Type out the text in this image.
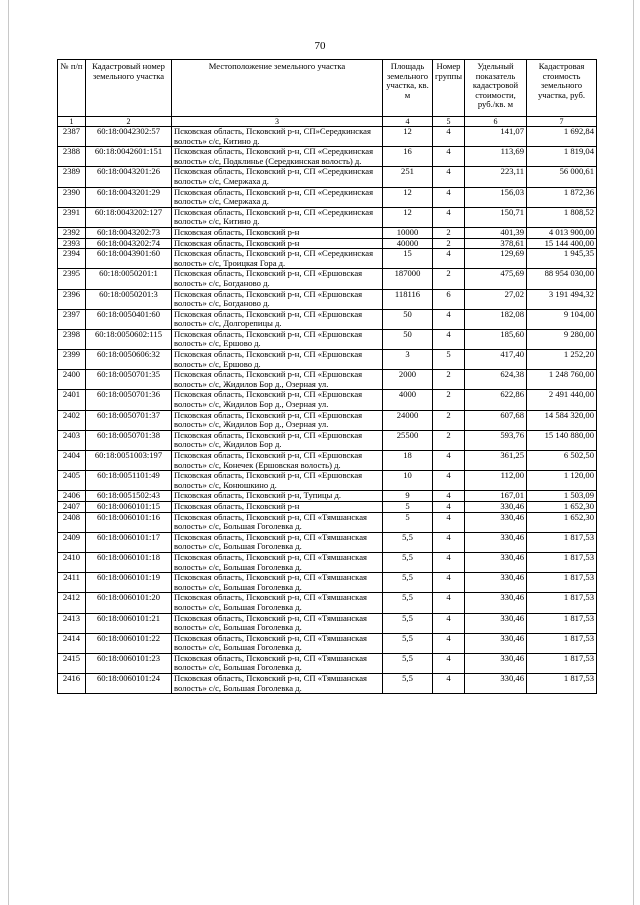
70
№ п/п	Кадастровый номер земельного участка	Местоположение земельного участка	Площадь земельного участка, кв. м	Номер группы	Удельный показатель кадастровой стоимости, руб./кв. м	Кадастровая стоимость земельного участка, руб.
1	2	3	4	5	6	7
2387	60:18:0042302:57	Псковская область, Псковский р-н, СП»Середкинская волость» с/с, Китино д.	12	4	141,07	1 692,84
2388	60:18:0042601:151	Псковская область, Псковский р-н, СП «Середкинская волость» с/с, Подклинье (Середкинская волость) д.	16	4	113,69	1 819,04
2389	60:18:0043201:26	Псковская область, Псковский р-н, СП «Середкинская волость» с/с, Смержаха д.	251	4	223,11	56 000,61
2390	60:18:0043201:29	Псковская область, Псковский р-н, СП «Середкинская волость» с/с, Смержаха д.	12	4	156,03	1 872,36
2391	60:18:0043202:127	Псковская область, Псковский р-н, СП «Середкинская волость» с/с, Китино д.	12	4	150,71	1 808,52
2392	60:18:0043202:73	Псковская область, Псковский р-н	10000	2	401,39	4 013 900,00
2393	60:18:0043202:74	Псковская область, Псковский р-н	40000	2	378,61	15 144 400,00
2394	60:18:0043901:60	Псковская область, Псковский р-н, СП «Середкинская волость» с/с, Троицкая Гора д.	15	4	129,69	1 945,35
2395	60:18:0050201:1	Псковская область, Псковский р-н, СП «Ершовская волость» с/с, Богданово д.	187000	2	475,69	88 954 030,00
2396	60:18:0050201:3	Псковская область, Псковский р-н, СП «Ершовская волость» с/с, Богданово д.	118116	6	27,02	3 191 494,32
2397	60:18:0050401:60	Псковская область, Псковский р-н, СП «Ершовская волость» с/с, Долгорепицы д.	50	4	182,08	9 104,00
2398	60:18:0050602:115	Псковская область, Псковский р-н, СП «Ершовская волость» с/с, Ершово д.	50	4	185,60	9 280,00
2399	60:18:0050606:32	Псковская область, Псковский р-н, СП «Ершовская волость» с/с, Ершово д.	3	5	417,40	1 252,20
2400	60:18:0050701:35	Псковская область, Псковский р-н, СП «Ершовская волость» с/с, Жидилов Бор д., Озерная ул.	2000	2	624,38	1 248 760,00
2401	60:18:0050701:36	Псковская область, Псковский р-н, СП «Ершовская волость» с/с, Жидилов Бор д., Озерная ул.	4000	2	622,86	2 491 440,00
2402	60:18:0050701:37	Псковская область, Псковский р-н, СП «Ершовская волость» с/с, Жидилов Бор д., Озерная ул.	24000	2	607,68	14 584 320,00
2403	60:18:0050701:38	Псковская область, Псковский р-н, СП «Ершовская волость» с/с, Жидилов Бор д.	25500	2	593,76	15 140 880,00
2404	60:18:0051003:197	Псковская область, Псковский р-н, СП «Ершовская волость» с/с, Конечек (Ершовская волость) д.	18	4	361,25	6 502,50
2405	60:18:0051101:49	Псковская область, Псковский р-н, СП «Ершовская волость» с/с, Конюшкино д.	10	4	112,00	1 120,00
2406	60:18:0051502:43	Псковская область, Псковский р-н, Тупицы д.	9	4	167,01	1 503,09
2407	60:18:0060101:15	Псковская область, Псковский р-н	5	4	330,46	1 652,30
2408	60:18:0060101:16	Псковская область, Псковский р-н, СП «Тямшанская волость» с/с, Большая Гоголевка д.	5	4	330,46	1 652,30
2409	60:18:0060101:17	Псковская область, Псковский р-н, СП «Тямшанская волость» с/с, Большая Гоголевка д.	5,5	4	330,46	1 817,53
2410	60:18:0060101:18	Псковская область, Псковский р-н, СП «Тямшанская волость» с/с, Большая Гоголевка д.	5,5	4	330,46	1 817,53
2411	60:18:0060101:19	Псковская область, Псковский р-н, СП «Тямшанская волость» с/с, Большая Гоголевка д.	5,5	4	330,46	1 817,53
2412	60:18:0060101:20	Псковская область, Псковский р-н, СП «Тямшанская волость» с/с, Большая Гоголевка д.	5,5	4	330,46	1 817,53
2413	60:18:0060101:21	Псковская область, Псковский р-н, СП «Тямшанская волость» с/с, Большая Гоголевка д.	5,5	4	330,46	1 817,53
2414	60:18:0060101:22	Псковская область, Псковский р-н, СП «Тямшанская волость» с/с, Большая Гоголевка д.	5,5	4	330,46	1 817,53
2415	60:18:0060101:23	Псковская область, Псковский р-н, СП «Тямшанская волость» с/с, Большая Гоголевка д.	5,5	4	330,46	1 817,53
2416	60:18:0060101:24	Псковская область, Псковский р-н, СП «Тямшанская волость» с/с, Большая Гоголевка д.	5,5	4	330,46	1 817,53
